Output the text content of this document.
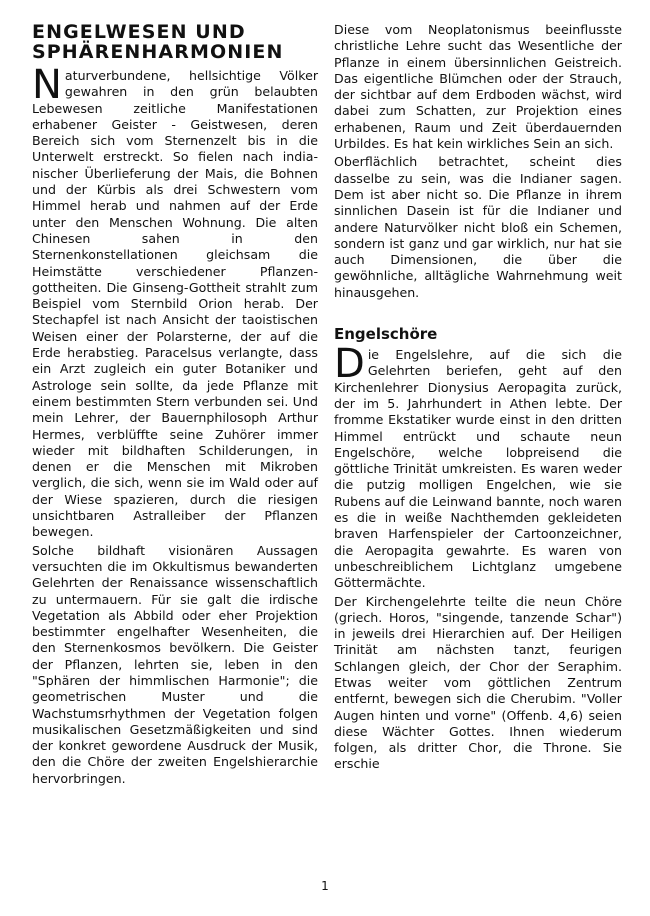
ENGELWESEN UND
SPHÄRENHARMONIEN

Naturverbundene, hellsichtige Völker gewahren in den grün belaubten Lebewesen zeitliche Manifestationen erhabener Geister - Geistwesen, deren Bereich sich vom Sternenzelt bis in die Unterwelt erstreckt. So fielen nach indianischer Überlieferung der Mais, die Bohnen und der Kürbis als drei Schwestern vom Himmel herab und nahmen auf der Erde unter den Menschen Wohnung. Die alten Chinesen sahen in den Sternenkonstellationen gleichsam die Heimstätte verschiedener Pflanzengottheiten. Die Ginseng-Gottheit strahlt zum Beispiel vom Sternbild Orion herab. Der Stechapfel ist nach Ansicht der taoistischen Weisen einer der Polarsterne, der auf die Erde herabstieg. Paracelsus verlangte, dass ein Arzt zugleich ein guter Botaniker und Astrologe sein sollte, da jede Pflanze mit einem bestimmten Stern verbunden sei. Und mein Lehrer, der Bauernphilosoph Arthur Hermes, verblüffte seine Zuhörer immer wieder mit bildhaften Schilderungen, in denen er die Menschen mit Mikroben verglich, die sich, wenn sie im Wald oder auf der Wiese spazieren, durch die riesigen unsichtbaren Astralleiber der Pflanzen bewegen.

Solche bildhaft visionären Aussagen versuchten die im Okkultismus bewanderten Gelehrten der Renaissance wissenschaftlich zu untermauern. Für sie galt die irdische Vegetation als Abbild oder eher Projektion bestimmter engelhafter Wesenheiten, die den Sternenkosmos bevölkern. Die Geister der Pflanzen, lehrten sie, leben in den "Sphären der himmlischen Harmonie"; die geometrischen Muster und die Wachstumsrhythmen der Vegetation folgen musikalischen Gesetzmäßigkeiten und sind der konkret gewordene Ausdruck der Musik, den die Chöre der zweiten Engelshierarchie hervorbringen.

Diese vom Neoplatonismus beeinflusste christliche Lehre sucht das Wesentliche der Pflanze in einem übersinnlichen Geistreich. Das eigentliche Blümchen oder der Strauch, der sichtbar auf dem Erdboden wächst, wird dabei zum Schatten, zur Projektion eines erhabenen, Raum und Zeit überdauernden Urbildes. Es hat kein wirkliches Sein an sich.

Oberflächlich betrachtet, scheint dies dasselbe zu sein, was die Indianer sagen. Dem ist aber nicht so. Die Pflanze in ihrem sinnlichen Dasein ist für die Indianer und andere Naturvölker nicht bloß ein Schemen, sondern ist ganz und gar wirklich, nur hat sie auch Dimensionen, die über die gewöhnliche, alltägliche Wahrnehmung weit hinausgehen.

Engelschöre

Die Engelslehre, auf die sich die Gelehrten beriefen, geht auf den Kirchenlehrer Dionysius Aeropagita zurück, der im 5. Jahrhundert in Athen lebte. Der fromme Ekstatiker wurde einst in den dritten Himmel entrückt und schaute neun Engelschöre, welche lobpreisend die göttliche Trinität umkreisten. Es waren weder die putzig molligen Engelchen, wie sie Rubens auf die Leinwand bannte, noch waren es die in weiße Nachthemden gekleideten braven Harfenspieler der Cartoonzeichner, die Aeropagita gewahrte. Es waren von unbeschreiblichem Lichtglanz umgebene Göttermächte.

Der Kirchengelehrte teilte die neun Chöre (griech. Horos, "singende, tanzende Schar") in jeweils drei Hierarchien auf. Der Heiligen Trinität am nächsten tanzt, feurigen Schlangen gleich, der Chor der Seraphim. Etwas weiter vom göttlichen Zentrum entfernt, bewegen sich die Cherubim. "Voller Augen hinten und vorne" (Offenb. 4,6) seien diese Wächter Gottes. Ihnen wiederum folgen, als dritter Chor, die Throne. Sie erschie

1
